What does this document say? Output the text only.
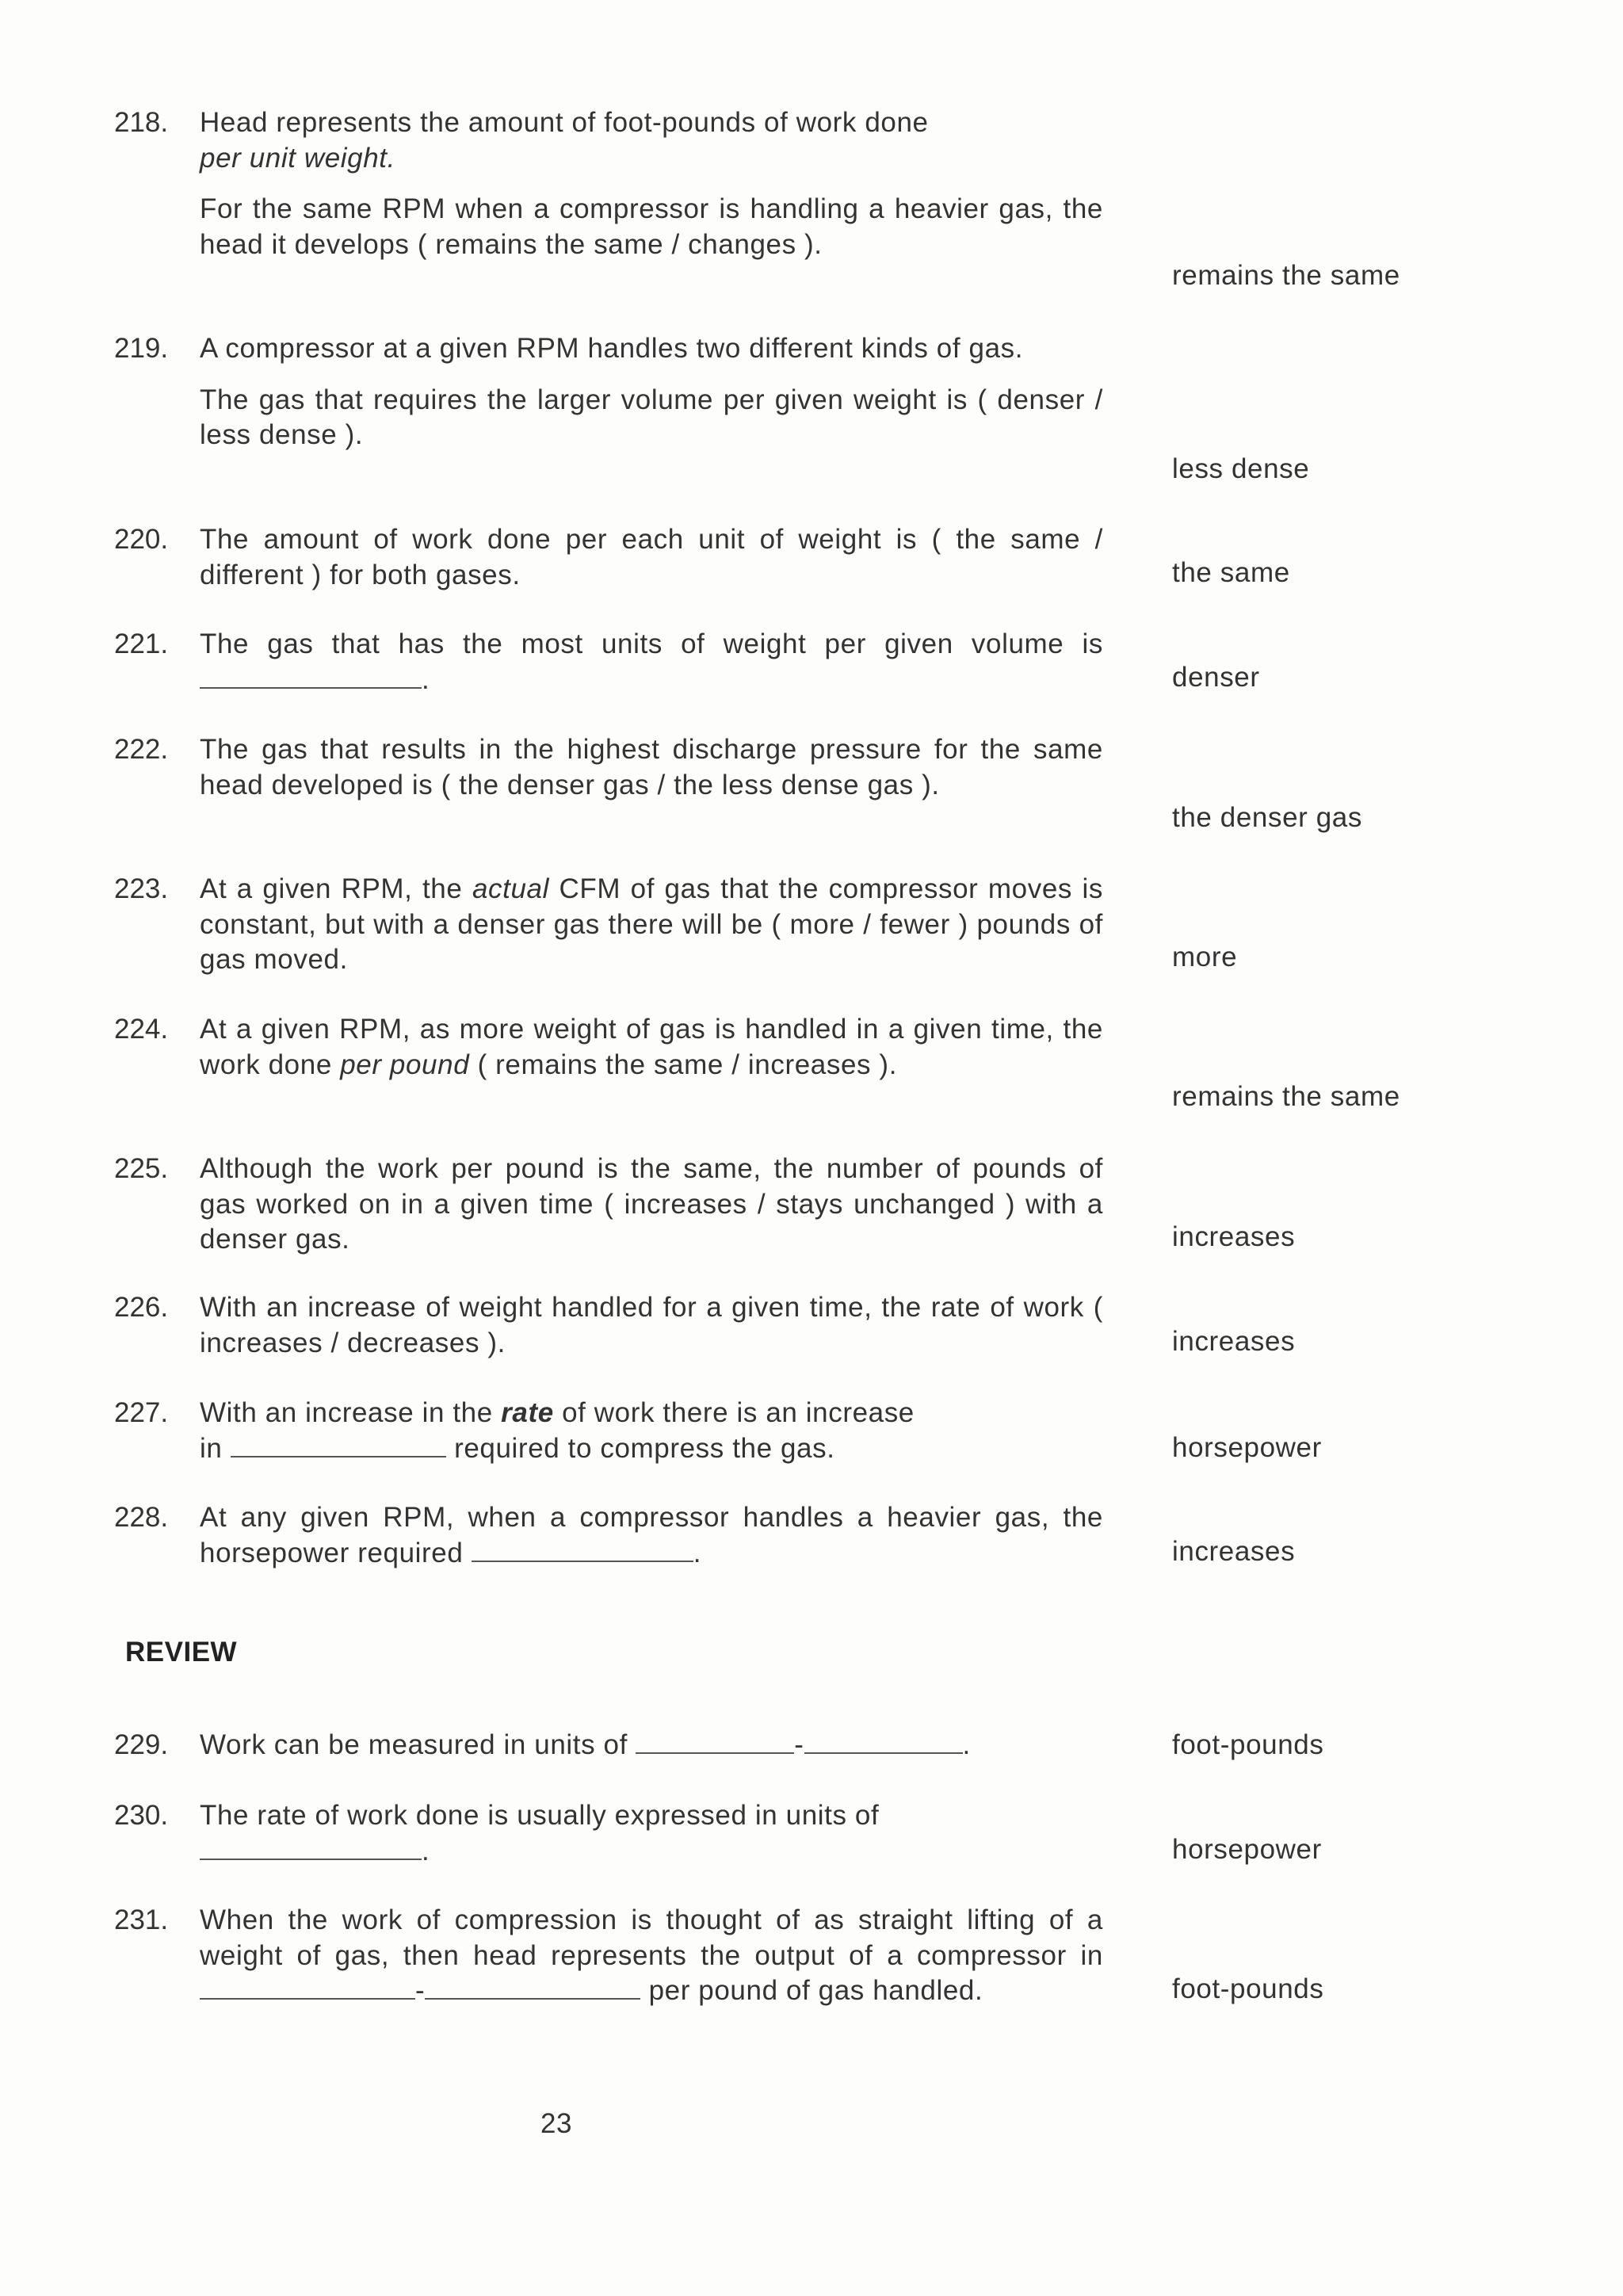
218.	Head represents the amount of foot-pounds of work done
per unit weight.

For the same RPM when a compressor is handling a heavier gas, the head it develops ( remains the same / changes ).

remains the same
219.	A compressor at a given RPM handles two different kinds of gas.

The gas that requires the larger volume per given weight is ( denser / less dense ).

less dense
220.	The amount of work done per each unit of weight is ( the same / different ) for both gases.	the same
221.	The gas that has the most units of weight per given volume is .	denser
222.	The gas that results in the highest discharge pressure for the same head developed is ( the denser gas / the less dense gas ).

the denser gas
223.	At a given RPM, the actual CFM of gas that the compressor moves is constant, but with a denser gas there will be ( more / fewer ) pounds of gas moved.	more
224.	At a given RPM, as more weight of gas is handled in a given time, the work done per pound ( remains the same / increases ).

remains the same
225.	Although the work per pound is the same, the number of pounds of gas worked on in a given time ( increases / stays unchanged ) with a denser gas.	increases
226.	With an increase of weight handled for a given time, the rate of work ( increases / decreases ).	increases
227.	With an increase in the rate of work there is an increase
in	required to compress the gas.	horsepower
228.	At any given RPM, when a compressor handles a heavier gas, the horsepower required	.	increases
REVIEW
229.	Work can be measured in units of	-	.	foot-pounds
230.	The rate of work done is usually expressed in units of
.	horsepower
231.	When the work of compression is thought of as straight lifting of a weight of gas, then head represents the output of a compressor in -	per pound of gas handled.	foot-pounds
23
